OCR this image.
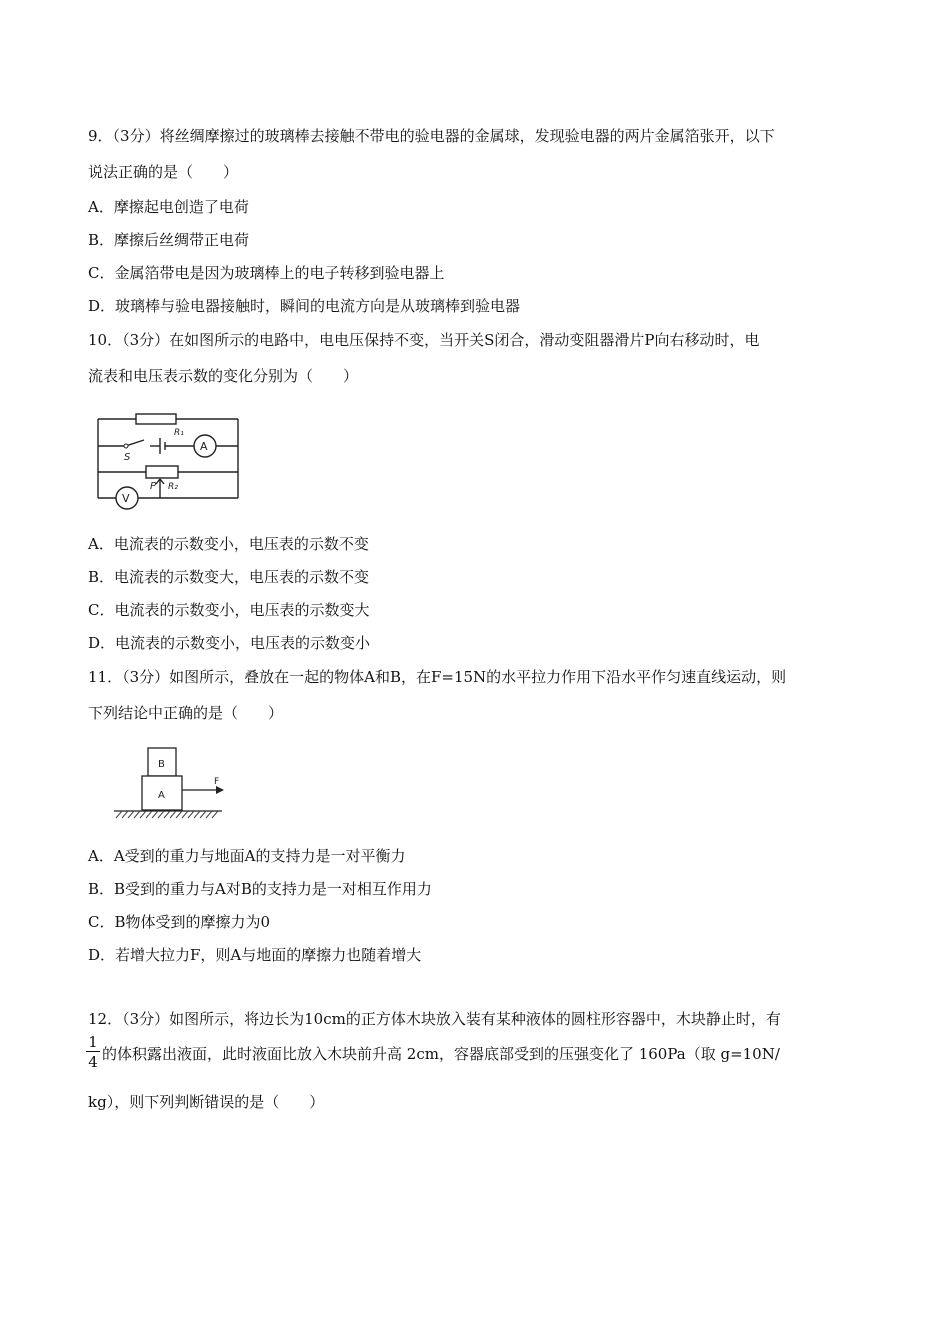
9．（3分）将丝绸摩擦过的玻璃棒去接触不带电的验电器的金属球，发现验电器的两片金属箔张开，以下
说法正确的是（　　）
A．摩擦起电创造了电荷
B．摩擦后丝绸带正电荷
C．金属箔带电是因为玻璃棒上的电子转移到验电器上
D．玻璃棒与验电器接触时，瞬间的电流方向是从玻璃棒到验电器
10．（3分）在如图所示的电路中，电电压保持不变，当开关S闭合，滑动变阻器滑片P向右移动时，电
流表和电压表示数的变化分别为（　　）
R₁
S
A
P R₂
V
A．电流表的示数变小，电压表的示数不变
B．电流表的示数变大，电压表的示数不变
C．电流表的示数变小，电压表的示数变大
D．电流表的示数变小，电压表的示数变小
11．（3分）如图所示，叠放在一起的物体A和B，在F=15N的水平拉力作用下沿水平作匀速直线运动，则
下列结论中正确的是（　　）
B
A
F
A．A受到的重力与地面A的支持力是一对平衡力
B．B受到的重力与A对B的支持力是一对相互作用力
C．B物体受到的摩擦力为0
D．若增大拉力F，则A与地面的摩擦力也随着增大
12．（3分）如图所示，将边长为10cm的正方体木块放入装有某种液体的圆柱形容器中，木块静止时，有
1
4 的体积露出液面，此时液面比放入木块前升高 2cm，容器底部受到的压强变化了 160Pa（取 g=10N/
kg），则下列判断错误的是（　　）
